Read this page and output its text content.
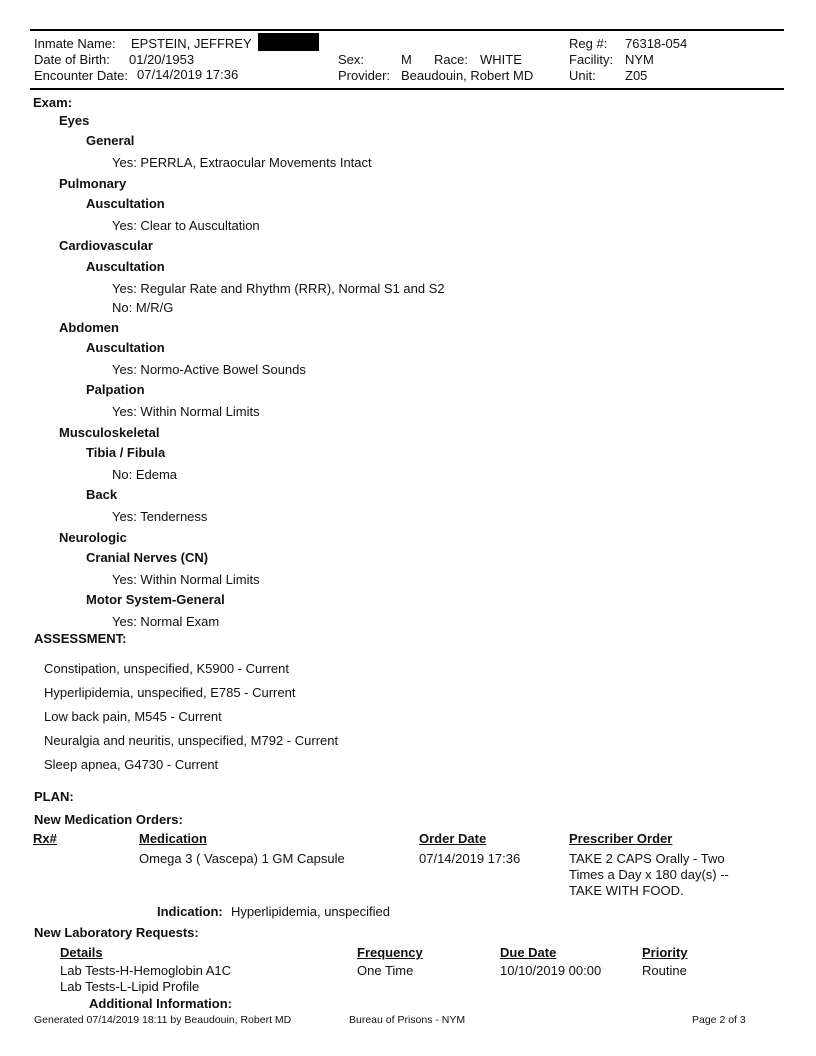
Inmate Name: EPSTEIN, JEFFREY
Date of Birth: 01/20/1953
Encounter Date: 07/14/2019 17:36
Sex:	M Race: WHITE
Provider: Beaudouin, Robert MD
Reg #: 76318-054
Facility: NYM
Unit: Z05
Exam:
Eyes
General
Yes: PERRLA, Extraocular Movements Intact
Pulmonary
Auscultation
Yes: Clear to Auscultation
Cardiovascular
Auscultation
Yes: Regular Rate and Rhythm (RRR), Normal S1 and S2
No: M/R/G
Abdomen
Auscultation
Yes: Normo-Active Bowel Sounds
Palpation
Yes: Within Normal Limits
Musculoskeletal
Tibia / Fibula
No: Edema
Back
Yes: Tenderness
Neurologic
Cranial Nerves (CN)
Yes: Within Normal Limits
Motor System-General
Yes: Normal Exam
ASSESSMENT:
Constipation, unspecified, K5900 - Current
Hyperlipidemia, unspecified, E785 - Current
Low back pain, M545 - Current
Neuralgia and neuritis, unspecified, M792 - Current
Sleep apnea, G4730 - Current
PLAN:
New Medication Orders:
Rx#	Medication	Order Date	Prescriber Order
Omega 3 ( Vascepa) 1 GM Capsule	07/14/2019 17:36	TAKE 2 CAPS Orally - Two
Times a Day x 180 day(s) --
TAKE WITH FOOD.
Indication: Hyperlipidemia, unspecified
New Laboratory Requests:
Details	Frequency	Due Date	Priority
Lab Tests-H-Hemoglobin A1C	One Time	10/10/2019 00:00	Routine
Lab Tests-L-Lipid Profile
Additional Information:
Generated 07/14/2019 18:11 by Beaudouin, Robert MD	Bureau of Prisons - NYM	Page 2 of 3
